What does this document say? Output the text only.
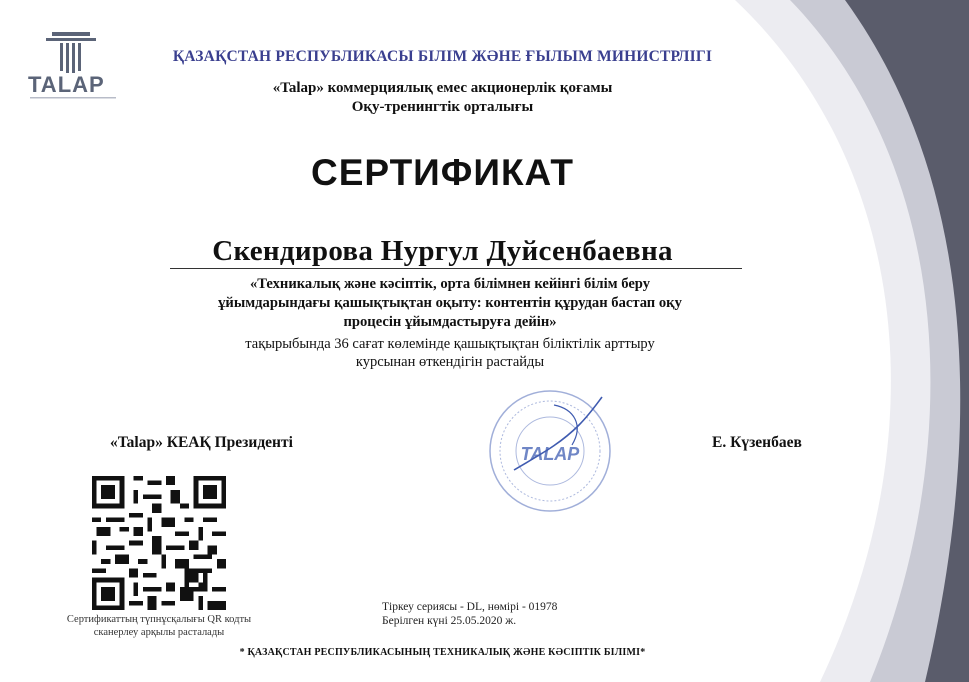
TALAP
ҚАЗАҚСТАН РЕСПУБЛИКАСЫ БІЛІМ ЖӘНЕ ҒЫЛЫМ МИНИСТРЛІГІ
«Talap» коммерциялық емес акционерлік қоғамы
Оқу-тренингтік орталығы
СЕРТИФИКАТ
Скендирова Нургул Дуйсенбаевна
«Техникалық және кәсіптік, орта білімнен кейінгі білім беру
ұйымдарындағы қашықтықтан оқыту: контентін құрудан бастап оқу
процесін ұйымдастыруға дейін»
тақырыбында 36 сағат көлемінде қашықтықтан біліктілік арттыру
курсынан өткендігін растайды
TALAP
«Talap» КЕАҚ Президенті	Е. Күзенбаев
Сертификаттың түпнұсқалығы QR кодты
сканерлеу арқылы расталады
Тіркеу сериясы - DL, нөмірі - 01978
Берілген күні 25.05.2020 ж.
* ҚАЗАҚСТАН РЕСПУБЛИКАСЫНЫҢ ТЕХНИКАЛЫҚ ЖӘНЕ КӘСІПТІК БІЛІМІ*
